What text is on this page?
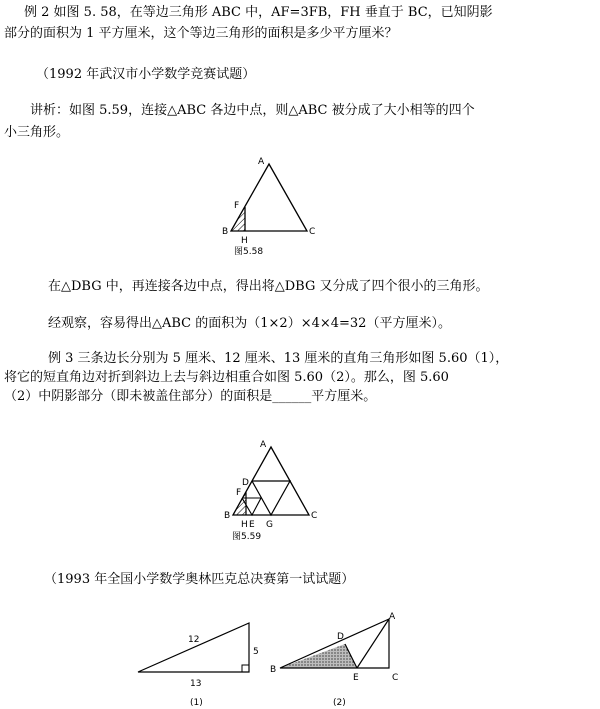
例 2 如图 5. 58，在等边三角形 ABC 中，AF=3FB，FH 垂直于 BC，已知阴影
部分的面积为 1 平方厘米，这个等边三角形的面积是多少平方厘米？
（1992 年武汉市小学数学竞赛试题）
讲析：如图 5.59，连接△ABC 各边中点，则△ABC 被分成了大小相等的四个
小三角形。
A
B	C
F
H
图5.58
在△DBG 中，再连接各边中点，得出将△DBG 又分成了四个很小的三角形。
经观察，容易得出△ABC 的面积为（1×2）×4×4=32（平方厘米）。
例 3 三条边长分别为 5 厘米、12 厘米、13 厘米的直角三角形如图 5.60（1），
将它的短直角边对折到斜边上去与斜边相重合如图 5.60（2）。那么，图 5.60
（2）中阴影部分（即未被盖住部分）的面积是______平方厘米。
A
D
F
B	C
H E G
图5.59
（1993 年全国小学数学奥林匹克总决赛第一试试题）
12
5
13
(1)
A
D
B
E	C
(2)
